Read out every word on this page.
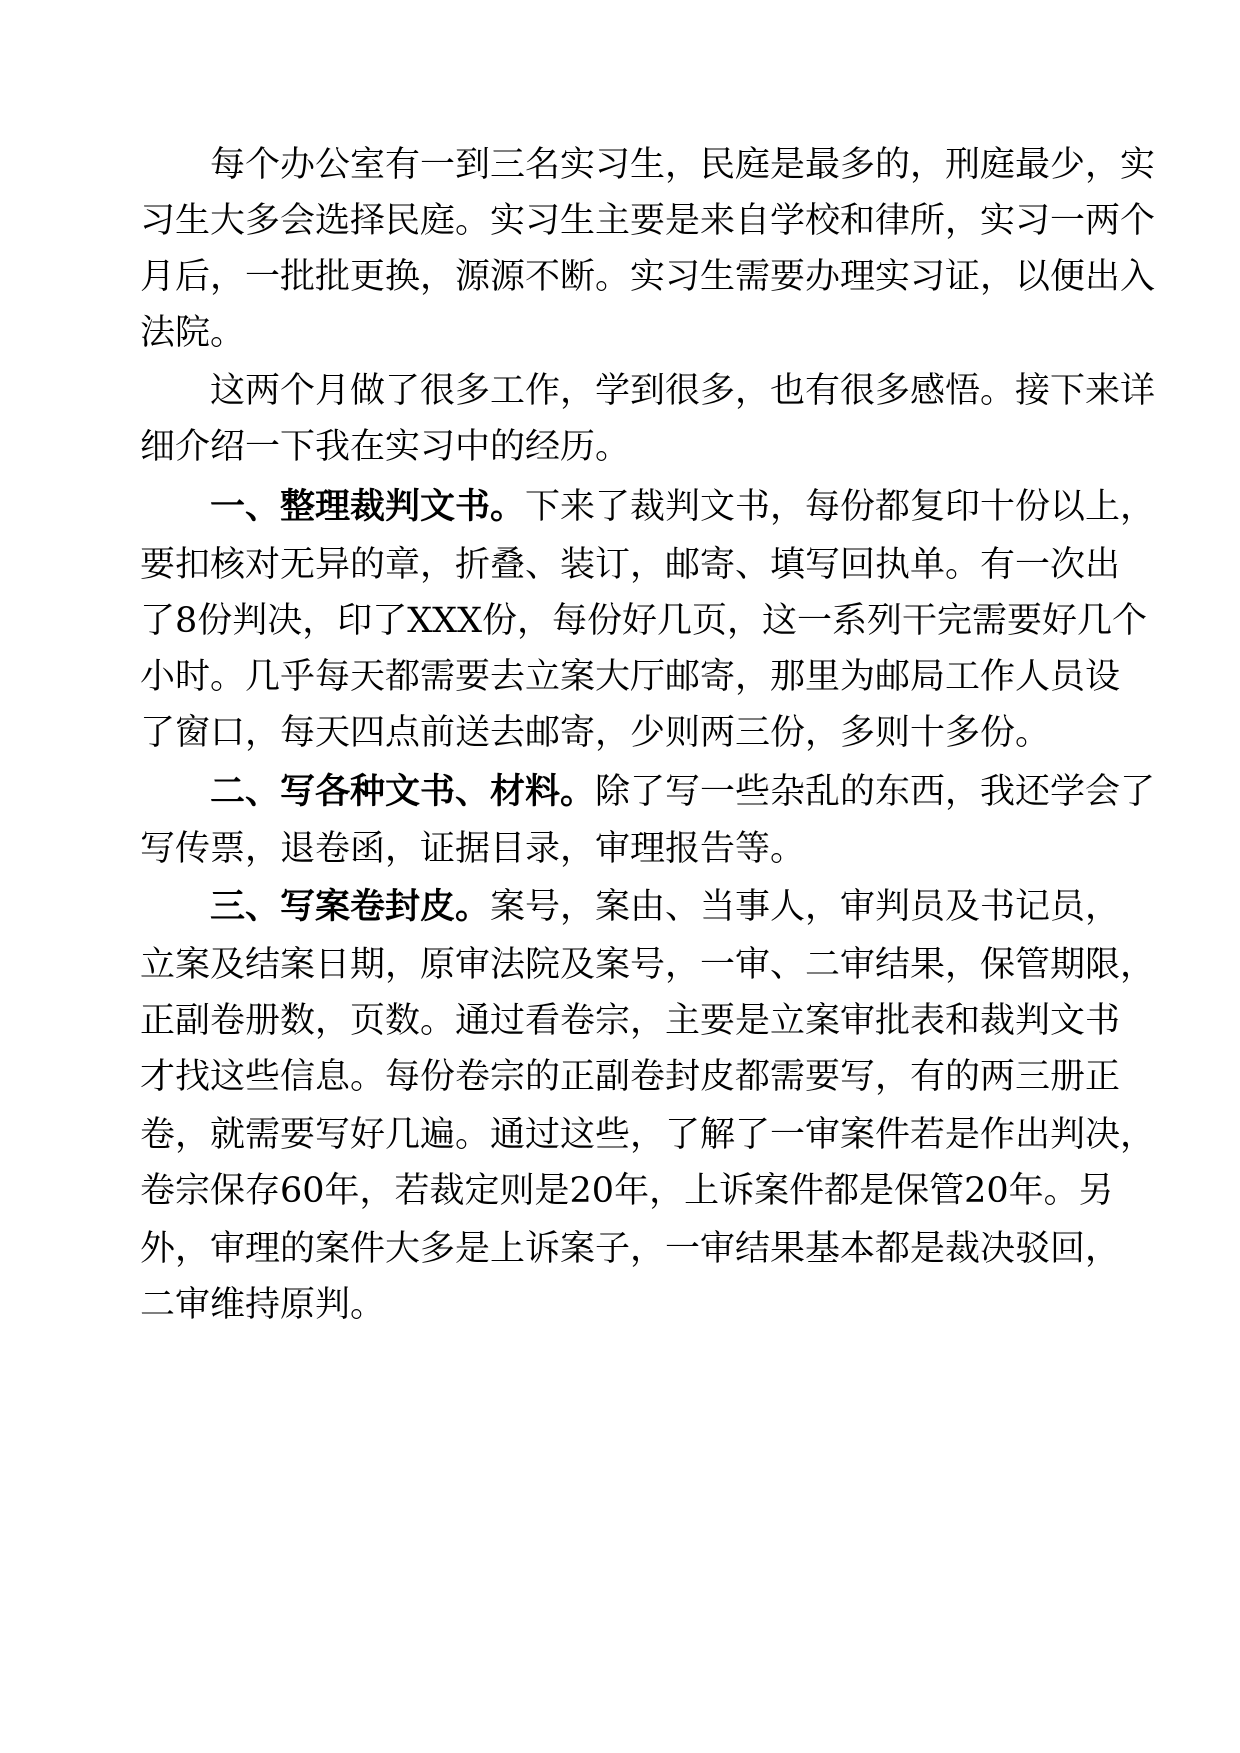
每个办公室有一到三名实习生，民庭是最多的，刑庭最少，实
习生大多会选择民庭。实习生主要是来自学校和律所，实习一两个
月后，一批批更换，源源不断。实习生需要办理实习证，以便出入
法院。
这两个月做了很多工作，学到很多，也有很多感悟。接下来详
细介绍一下我在实习中的经历。
一、整理裁判文书。下来了裁判文书，每份都复印十份以上，
要扣核对无异的章，折叠、装订，邮寄、填写回执单。有一次出
了8份判决，印了XXX份，每份好几页，这一系列干完需要好几个
小时。几乎每天都需要去立案大厅邮寄，那里为邮局工作人员设
了窗口，每天四点前送去邮寄，少则两三份，多则十多份。
二、写各种文书、材料。除了写一些杂乱的东西，我还学会了
写传票，退卷函，证据目录，审理报告等。
三、写案卷封皮。案号，案由、当事人，审判员及书记员，
立案及结案日期，原审法院及案号，一审、二审结果，保管期限，
正副卷册数，页数。通过看卷宗，主要是立案审批表和裁判文书
才找这些信息。每份卷宗的正副卷封皮都需要写，有的两三册正
卷，就需要写好几遍。通过这些，了解了一审案件若是作出判决，
卷宗保存60年，若裁定则是20年，上诉案件都是保管20年。另
外，审理的案件大多是上诉案子，一审结果基本都是裁决驳回，
二审维持原判。
